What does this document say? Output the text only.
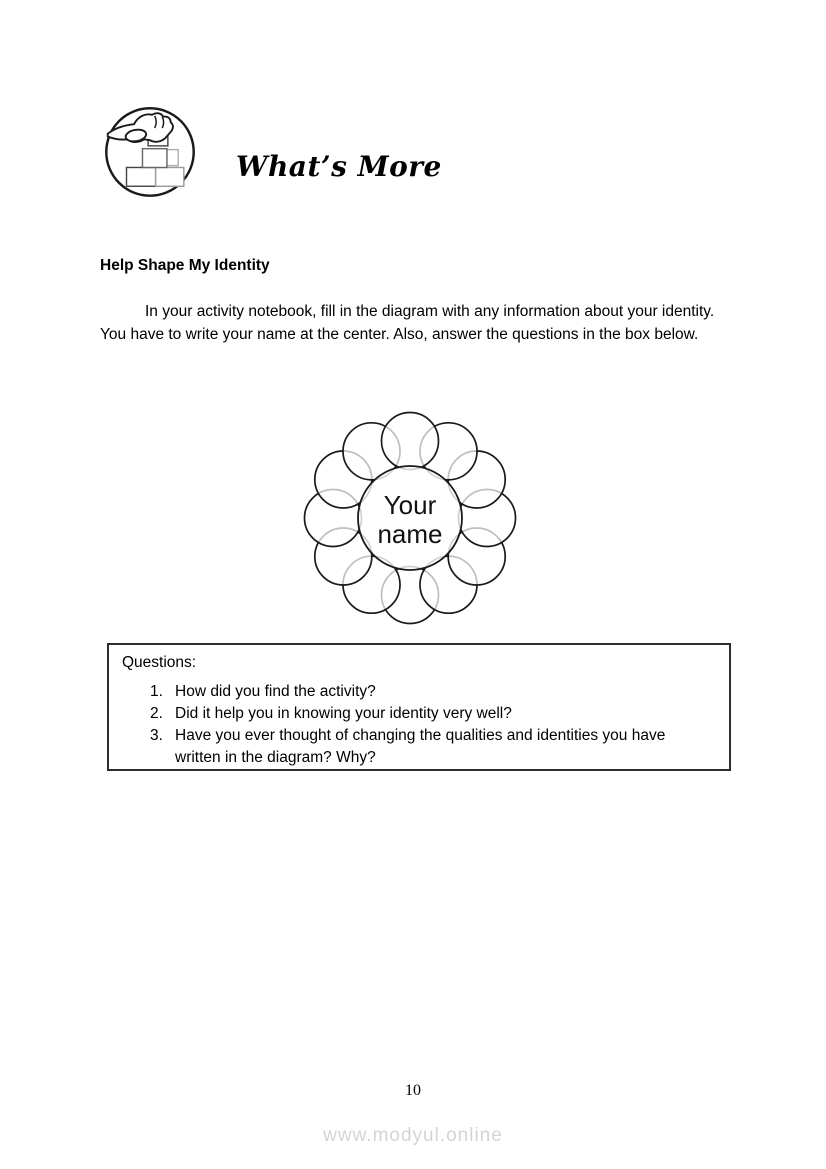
What’s More
Help Shape My Identity

In your activity notebook, fill in the diagram with any information about your identity. You have to write your name at the center. Also, answer the questions in the box below.

Your
name
Questions:
1. How did you find the activity?
2. Did it help you in knowing your identity very well?
3. Have you ever thought of changing the qualities and identities you have written in the diagram? Why?
10
www.modyul.online
